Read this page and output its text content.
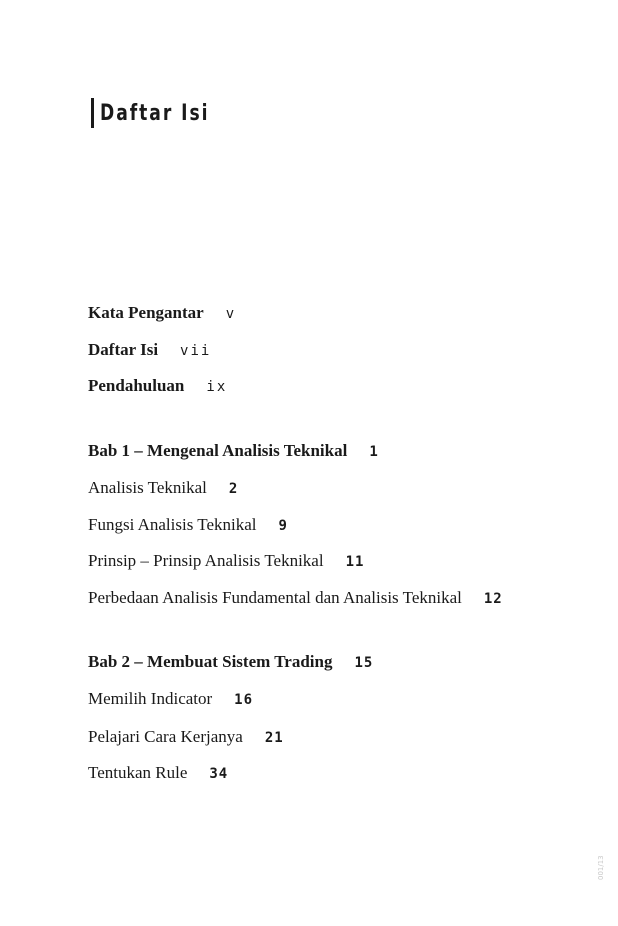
Daftar Isi
Kata Pengantar v
Daftar Isi vii
Pendahuluan ix
Bab 1 – Mengenal Analisis Teknikal 1
Analisis Teknikal 2
Fungsi Analisis Teknikal 9
Prinsip – Prinsip Analisis Teknikal 11
Perbedaan Analisis Fundamental dan Analisis Teknikal 12
Bab 2 – Membuat Sistem Trading 15
Memilih Indicator 16
Pelajari Cara Kerjanya 21
Tentukan Rule 34
001/13
